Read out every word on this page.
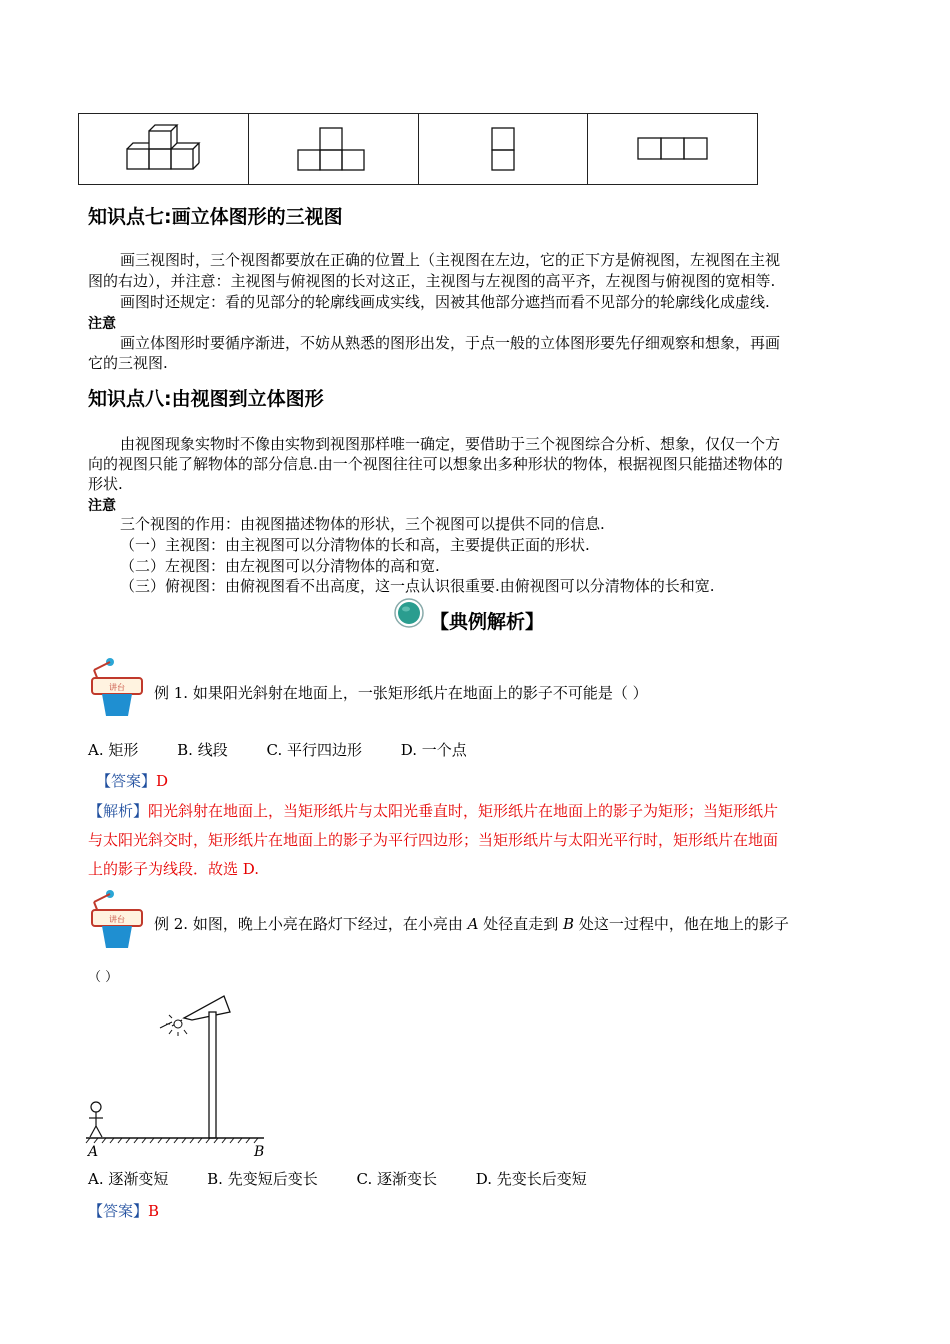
知识点七:画立体图形的三视图
画三视图时，三个视图都要放在正确的位置上（主视图在左边，它的正下方是俯视图，左视图在主视
图的右边），并注意：主视图与俯视图的长对这正，主视图与左视图的高平齐，左视图与俯视图的宽相等.
画图时还规定：看的见部分的轮廓线画成实线，因被其他部分遮挡而看不见部分的轮廓线化成虚线.
注意
画立体图形时要循序渐进，不妨从熟悉的图形出发，于点一般的立体图形要先仔细观察和想象，再画
它的三视图.
知识点八:由视图到立体图形
由视图现象实物时不像由实物到视图那样唯一确定，要借助于三个视图综合分析、想象，仅仅一个方
向的视图只能了解物体的部分信息.由一个视图往往可以想象出多种形状的物体，根据视图只能描述物体的
形状.
注意
三个视图的作用：由视图描述物体的形状，三个视图可以提供不同的信息.
（一）主视图：由主视图可以分清物体的长和高，主要提供正面的形状.
（二）左视图：由左视图可以分清物体的高和宽.
（三）俯视图：由俯视图看不出高度，这一点认识很重要.由俯视图可以分清物体的长和宽.
【典例解析】
讲台 例 1. 如果阳光斜射在地面上，一张矩形纸片在地面上的影子不可能是（ ）
A. 矩形	B. 线段	C. 平行四边形	D. 一个点
【答案】D
【解析】阳光斜射在地面上，当矩形纸片与太阳光垂直时，矩形纸片在地面上的影子为矩形；当矩形纸片
与太阳光斜交时，矩形纸片在地面上的影子为平行四边形；当矩形纸片与太阳光平行时，矩形纸片在地面
上的影子为线段．故选 D.
讲台 例 2. 如图，晚上小亮在路灯下经过，在小亮由 A 处径直走到 B 处这一过程中，他在地上的影子
（ ）
A	B
A. 逐渐变短	B. 先变短后变长	C. 逐渐变长	D. 先变长后变短
【答案】B
